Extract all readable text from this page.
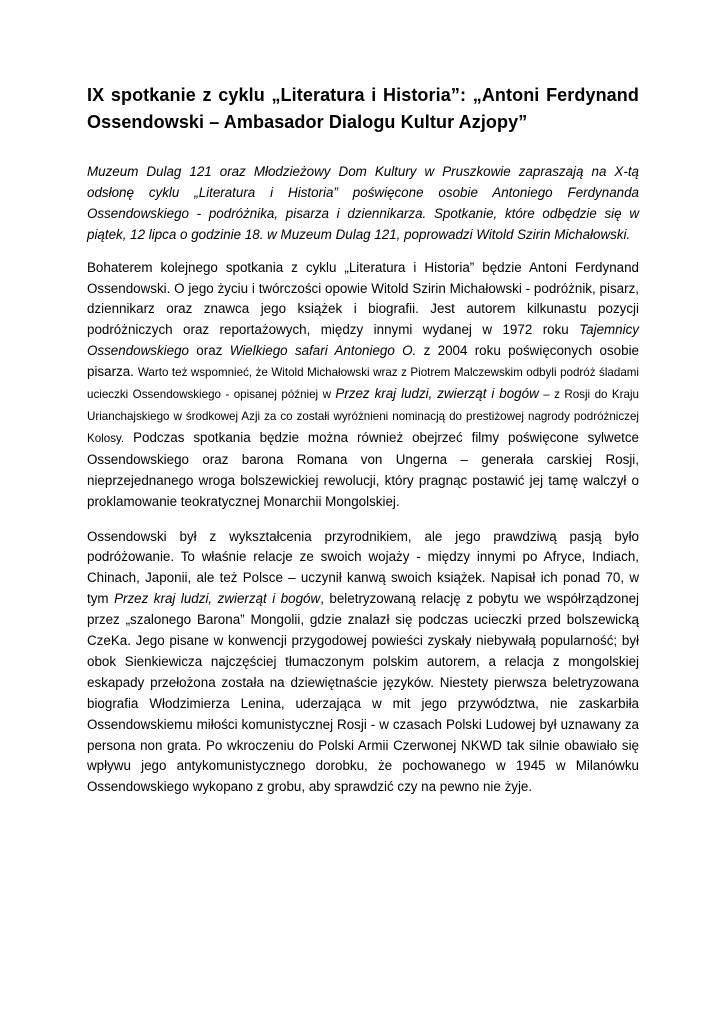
IX spotkanie z cyklu „Literatura i Historia”: „Antoni Ferdynand Ossendowski – Ambasador Dialogu Kultur Azjopy”

Muzeum Dulag 121 oraz Młodzieżowy Dom Kultury w Pruszkowie zapraszają na X-tą odsłonę cyklu „Literatura i Historia” poświęcone osobie Antoniego Ferdynanda Ossendowskiego - podróżnika, pisarza i dziennikarza. Spotkanie, które odbędzie się w piątek, 12 lipca o godzinie 18. w Muzeum Dulag 121, poprowadzi Witold Szirin Michałowski.

Bohaterem kolejnego spotkania z cyklu „Literatura i Historia” będzie Antoni Ferdynand Ossendowski. O jego życiu i twórczości opowie Witold Szirin Michałowski - podróżnik, pisarz, dziennikarz oraz znawca jego książek i biografii. Jest autorem kilkunastu pozycji podróżniczych oraz reportażowych, między innymi wydanej w 1972 roku Tajemnicy Ossendowskiego oraz Wielkiego safari Antoniego O. z 2004 roku poświęconych osobie pisarza. Warto też wspomnieć, że Witold Michałowski wraz z Piotrem Malczewskim odbyli podróż śladami ucieczki Ossendowskiego - opisanej później w Przez kraj ludzi, zwierząt i bogów – z Rosji do Kraju Urianchajskiego w środkowej Azji za co zostałi wyróżnieni nominacją do prestiżowej nagrody podróżniczej Kolosy. Podczas spotkania będzie można również obejrzeć filmy poświęcone sylwetce Ossendowskiego oraz barona Romana von Ungerna – generała carskiej Rosji, nieprzejednanego wroga bolszewickiej rewolucji, który pragnąc postawić jej tamę walczył o proklamowanie teokratycznej Monarchii Mongolskiej.

Ossendowski był z wykształcenia przyrodnikiem, ale jego prawdziwą pasją było podróżowanie. To właśnie relacje ze swoich wojaży - między innymi po Afryce, Indiach, Chinach, Japonii, ale też Polsce – uczynił kanwą swoich książek. Napisał ich ponad 70, w tym Przez kraj ludzi, zwierząt i bogów, beletryzowaną relację z pobytu we współrządzonej przez „szalonego Barona” Mongolii, gdzie znalazł się podczas ucieczki przed bolszewicką CzeKa. Jego pisane w konwencji przygodowej powieści zyskały niebywałą popularność; był obok Sienkiewicza najczęściej tłumaczonym polskim autorem, a relacja z mongolskiej eskapady przełożona została na dziewiętnaście języków. Niestety pierwsza beletryzowana biografia Włodzimierza Lenina, uderzająca w mit jego przywództwa, nie zaskarbiła Ossendowskiemu miłości komunistycznej Rosji - w czasach Polski Ludowej był uznawany za persona non grata. Po wkroczeniu do Polski Armii Czerwonej NKWD tak silnie obawiało się wpływu jego antykomunistycznego dorobku, że pochowanego w 1945 w Milanówku Ossendowskiego wykopano z grobu, aby sprawdzić czy na pewno nie żyje.
